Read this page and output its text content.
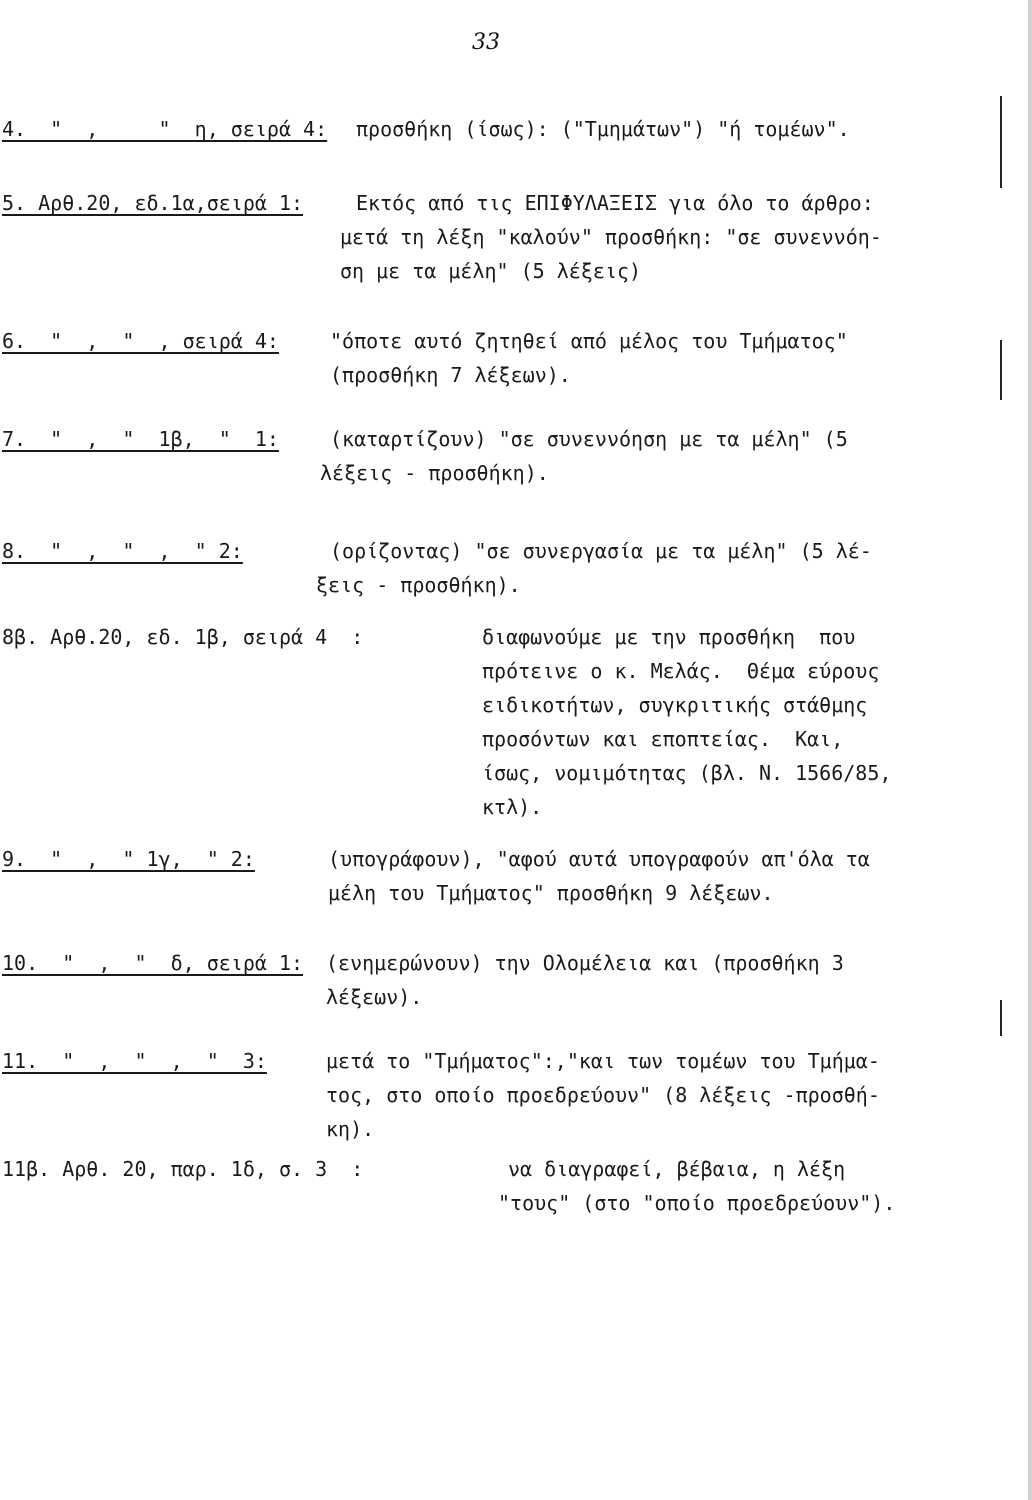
33
4.  "  ,     "  η, σειρά 4: προσθήκη (ίσως): ("Τμημάτων") "ή τομέων".
5. Αρθ.20, εδ.1α,σειρά 1:	Εκτός από τις ΕΠΙΦΥΛΑΞΕΙΣ για όλο το άρθρο:
μετά τη λέξη "καλούν" προσθήκη: "σε συνεννόη-
ση με τα μέλη" (5 λέξεις)
6.  "  ,  "  , σειρά 4:	"όποτε αυτό ζητηθεί από μέλος του Τμήματος"
(προσθήκη 7 λέξεων).
7.  "  ,  "  1β,  "  1:	(καταρτίζουν) "σε συνεννόηση με τα μέλη" (5
λέξεις - προσθήκη).
8.  "  ,  "  ,  " 2:	(ορίζοντας) "σε συνεργασία με τα μέλη" (5 λέ-
ξεις - προσθήκη).
8β. Αρθ.20, εδ. 1β, σειρά 4  :	διαφωνούμε με την προσθήκη  που
πρότεινε ο κ. Μελάς.  Θέμα εύρους
ειδικοτήτων, συγκριτικής στάθμης
προσόντων και εποπτείας.  Και,
ίσως, νομιμότητας (βλ. Ν. 1566/85,
κτλ).
9.  "  ,  " 1γ,  " 2:	(υπογράφουν), "αφού αυτά υπογραφούν απ'όλα τα
μέλη του Τμήματος" προσθήκη 9 λέξεων.
10.  "  ,  "  δ, σειρά 1: (ενημερώνουν) την Ολομέλεια και (προσθήκη 3
λέξεων).
11.  "  ,  "  ,  "  3:	μετά το "Τμήματος":,"και των τομέων του Τμήμα-
τος, στο οποίο προεδρεύουν" (8 λέξεις -προσθή-
κη).
11β. Αρθ. 20, παρ. 1δ, σ. 3  :	να διαγραφεί, βέβαια, η λέξη
"τους" (στο "οποίο προεδρεύουν").
